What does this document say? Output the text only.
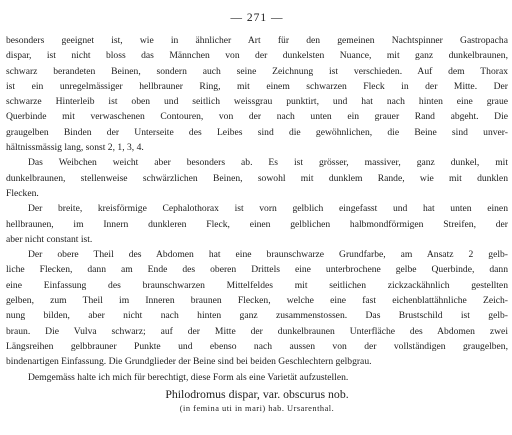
— 271 —

besonders geeignet ist, wie in ähnlicher Art für den gemeinen Nachtspinner Gastropacha
dispar, ist nicht bloss das Männchen von der dunkelsten Nuance, mit ganz dunkelbraunen,
schwarz berandeten Beinen, sondern auch seine Zeichnung ist verschieden. Auf dem Thorax
ist ein unregelmässiger hellbrauner Ring, mit einem schwarzen Fleck in der Mitte. Der
schwarze Hinterleib ist oben und seitlich weissgrau punktirt, und hat nach hinten eine graue
Querbinde mit verwaschenen Contouren, von der nach unten ein grauer Rand abgeht. Die
graugelben Binden der Unterseite des Leibes sind die gewöhnlichen, die Beine sind unver-
hältnissmässig lang, sonst 2, 1, 3, 4.

Das Weibchen weicht aber besonders ab. Es ist grösser, massiver, ganz dunkel, mit
dunkelbraunen, stellenweise schwärzlichen Beinen, sowohl mit dunklem Rande, wie mit dunklen
Flecken.

Der breite, kreisförmige Cephalothorax ist vorn gelblich eingefasst und hat unten einen
hellbraunen, im Innern dunkleren Fleck, einen gelblichen halbmondförmigen Streifen, der
aber nicht constant ist.

Der obere Theil des Abdomen hat eine braunschwarze Grundfarbe, am Ansatz 2 gelb-
liche Flecken, dann am Ende des oberen Drittels eine unterbrochene gelbe Querbinde, dann
eine Einfassung des braunschwarzen Mittelfeldes mit seitlichen zickzackähnlich gestellten
gelben, zum Theil im Inneren braunen Flecken, welche eine fast eichenblattähnliche Zeich-
nung bilden, aber nicht nach hinten ganz zusammenstossen. Das Brustschild ist gelb-
braun. Die Vulva schwarz; auf der Mitte der dunkelbraunen Unterfläche des Abdomen zwei
Längsreihen gelbbrauner Punkte und ebenso nach aussen von der vollständigen graugelben,
bindenartigen Einfassung. Die Grundglieder der Beine sind bei beiden Geschlechtern gelbgrau.

Demgemäss halte ich mich für berechtigt, diese Form als eine Varietät aufzustellen.

Philodromus dispar, var. obscurus nob.
(in femina uti in mari) hab. Ursarenthal.
